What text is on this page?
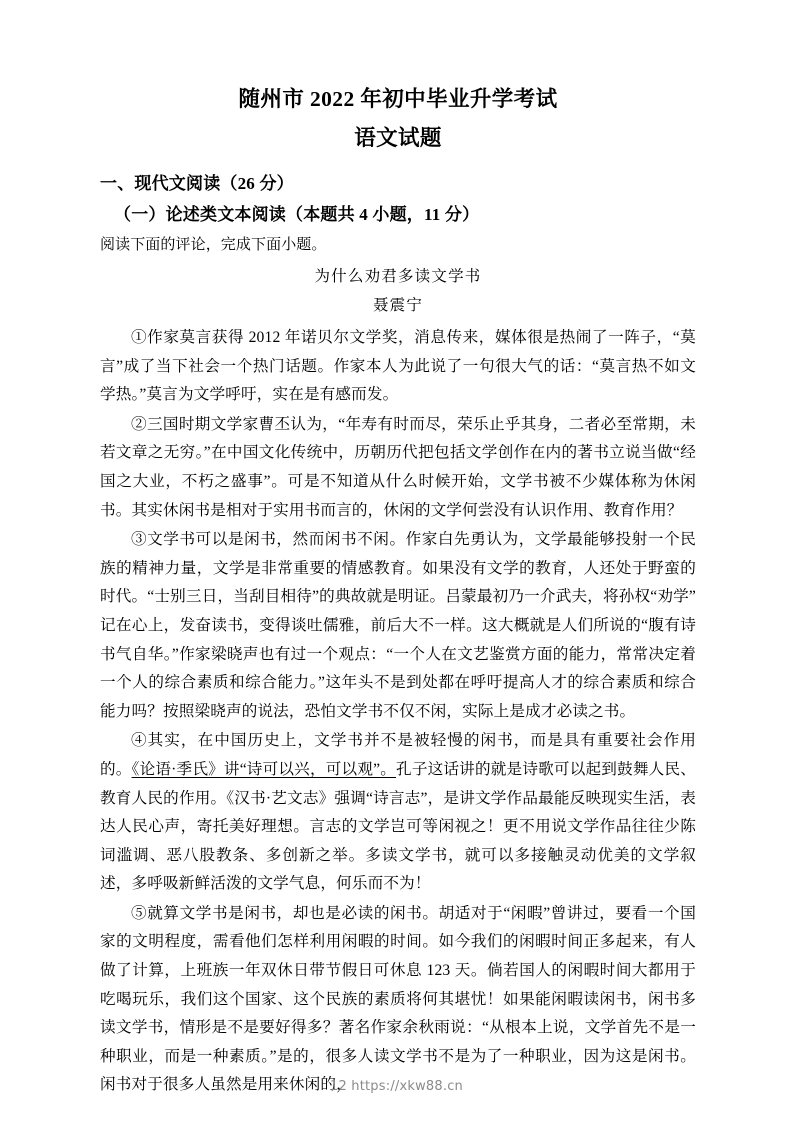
随州市 2022 年初中毕业升学考试
语文试题
一、现代文阅读（26 分）
（一）论述类文本阅读（本题共 4 小题，11 分）
阅读下面的评论，完成下面小题。
为什么劝君多读文学书
聂震宁

①作家莫言获得 2012 年诺贝尔文学奖，消息传来，媒体很是热闹了一阵子，“莫言”成了当下社会一个热门话题。作家本人为此说了一句很大气的话：“莫言热不如文学热。”莫言为文学呼吁，实在是有感而发。

②三国时期文学家曹丕认为，“年寿有时而尽，荣乐止乎其身，二者必至常期，未若文章之无穷。”在中国文化传统中，历朝历代把包括文学创作在内的著书立说当做“经国之大业，不朽之盛事”。可是不知道从什么时候开始，文学书被不少媒体称为休闲书。其实休闲书是相对于实用书而言的，休闲的文学何尝没有认识作用、教育作用？

③文学书可以是闲书，然而闲书不闲。作家白先勇认为，文学最能够投射一个民族的精神力量，文学是非常重要的情感教育。如果没有文学的教育，人还处于野蛮的时代。“士别三日，当刮目相待”的典故就是明证。吕蒙最初乃一介武夫，将孙权“劝学”记在心上，发奋读书，变得谈吐儒雅，前后大不一样。这大概就是人们所说的“腹有诗书气自华。”作家梁晓声也有过一个观点：“一个人在文艺鉴赏方面的能力，常常决定着一个人的综合素质和综合能力。”这年头不是到处都在呼吁提高人才的综合素质和综合能力吗？按照梁晓声的说法，恐怕文学书不仅不闲，实际上是成才必读之书。

④其实，在中国历史上，文学书并不是被轻慢的闲书，而是具有重要社会作用的。《论语·季氏》讲“诗可以兴，可以观”。孔子这话讲的就是诗歌可以起到鼓舞人民、教育人民的作用。《汉书·艺文志》强调“诗言志”，是讲文学作品最能反映现实生活，表达人民心声，寄托美好理想。言志的文学岂可等闲视之！更不用说文学作品往往少陈词滥调、恶八股教条、多创新之举。多读文学书，就可以多接触灵动优美的文学叙述，多呼吸新鲜活泼的文学气息，何乐而不为！

⑤就算文学书是闲书，却也是必读的闲书。胡适对于“闲暇”曾讲过，要看一个国家的文明程度，需看他们怎样利用闲暇的时间。如今我们的闲暇时间正多起来，有人做了计算，上班族一年双休日带节假日可休息 123 天。倘若国人的闲暇时间大都用于吃喝玩乐，我们这个国家、这个民族的素质将何其堪忧！如果能闲暇读闲书，闲书多读文学书，情形是不是要好得多？著名作家余秋雨说：“从根本上说，文学首先不是一种职业，而是一种素质。”是的，很多人读文学书不是为了一种职业，因为这是闲书。闲书对于很多人虽然是用来休闲的，

12 https://xkw88.cn
